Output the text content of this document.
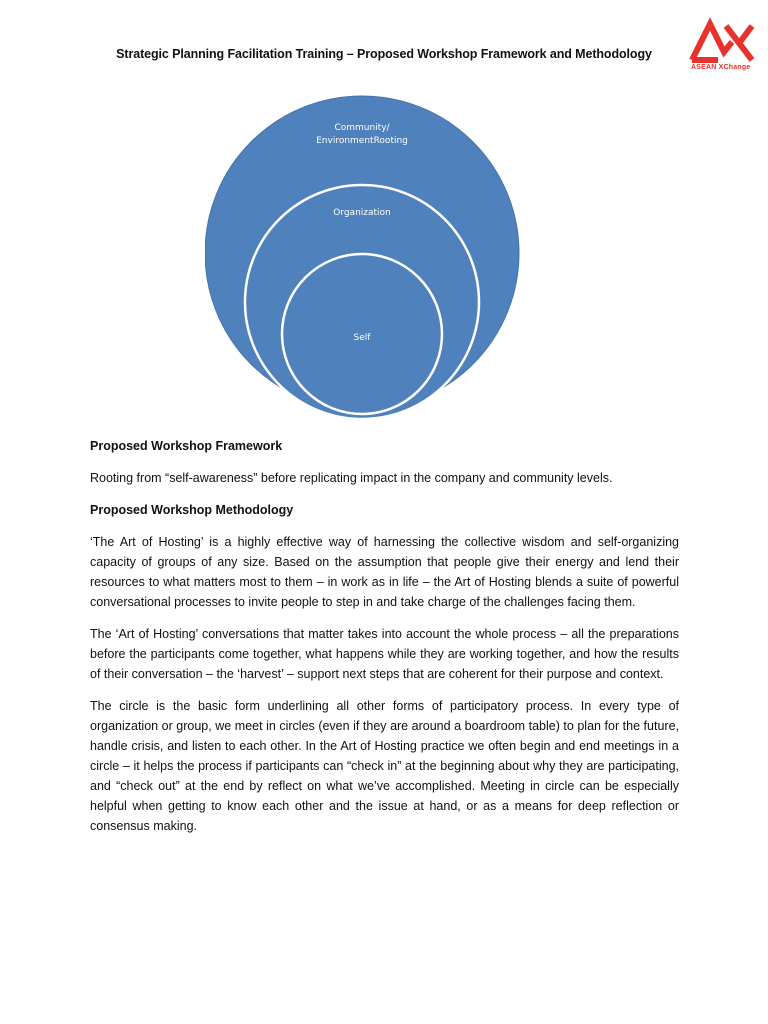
Strategic Planning Facilitation Training – Proposed Workshop Framework and Methodology
ASEAN XChange
Community/
EnvironmentRooting
Organization
Self
Proposed Workshop Framework

Rooting from “self-awareness” before replicating impact in the company and community levels.

Proposed Workshop Methodology

‘The Art of Hosting’ is a highly effective way of harnessing the collective wisdom and self-organizing capacity of groups of any size. Based on the assumption that people give their energy and lend their resources to what matters most to them – in work as in life – the Art of Hosting blends a suite of powerful conversational processes to invite people to step in and take charge of the challenges facing them.

The ‘Art of Hosting’ conversations that matter takes into account the whole process – all the preparations before the participants come together, what happens while they are working together, and how the results of their conversation – the ‘harvest’ – support next steps that are coherent for their purpose and context.

The circle is the basic form underlining all other forms of participatory process. In every type of organization or group, we meet in circles (even if they are around a boardroom table) to plan for the future, handle crisis, and listen to each other. In the Art of Hosting practice we often begin and end meetings in a circle – it helps the process if participants can “check in” at the beginning about why they are participating, and “check out” at the end by reflect on what we’ve accomplished. Meeting in circle can be especially helpful when getting to know each other and the issue at hand, or as a means for deep reflection or consensus making.
